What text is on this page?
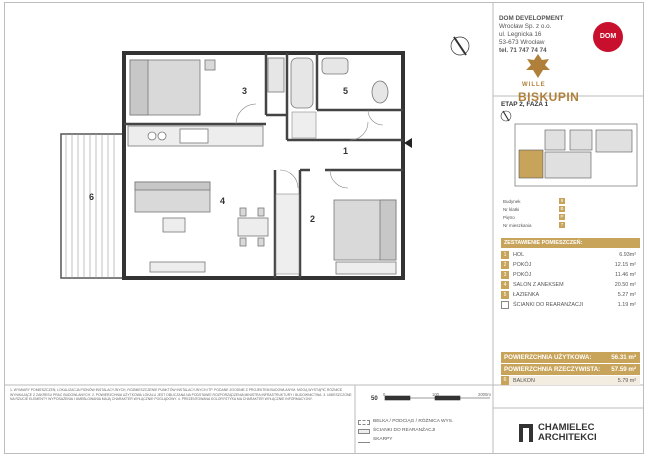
1
2
3
4
5
6
DOM DEVELOPMENT
Wrocław Sp. z o.o.
ul. Legnicka 16
53-673 Wrocław
tel. 71 747 74 74
DOM
WILLE
BISKUPIN
ETAP 2, FAZA 1
Budynek	6
Nr klatki	B
Piętro	P
Nr mieszkania	7
ZESTAWIENIE POMIESZCZEŃ:
1	HOL	6.93m²
2	POKÓJ	12.15 m²
3	POKÓJ	11.46 m²
4	SALON Z ANEKSEM	20.50 m²
5	ŁAZIENKA	5.27 m²
ŚCIANKI DO REARANŻACJI	1.19 m²
POWIERZCHNIA UŻYTKOWA:	56.31 m²
POWIERZCHNIA RZECZYWISTA: 57.59 m²
6	BALKON	5.79 m²
1. WYMIARY POMIESZCZEŃ, LOKALIZACJA PIONÓW INSTALACYJNYCH, ROZMIESZCZENIE PUNKTÓW INSTALACYJNYCH ITP. PODANE ZGODNIE Z PROJEKTEM BUDOWLANYM. MOGĄ WYSTĄPIĆ RÓŻNICE WYNIKAJĄCE Z ZAKRESU PRAC BUDOWLANYCH. 2. POWIERZCHNIA UŻYTKOWA LOKALU JEST OBLICZANA NA PODSTAWIE ROZPORZĄDZENIA MINISTRA INFRASTRUKTURY I BUDOWNICTWA. 3. UMIESZCZONE NA RZUCIE ELEMENTY WYPOSAŻENIA I UMEBLOWANIA MAJĄ CHARAKTER WYŁĄCZNIE POGLĄDOWY. 4. PREZENTOWANA KOLORYSTYKA MA CHARAKTER WYŁĄCZNIE INFORMACYJNY.	50
0	100	2000m
BELKA / PODCIĄG / RÓŻNICA WYS.
ŚCIANKI DO REARANŻACJI
SKARPY
CHAMIELEC
ARCHITEKCI
